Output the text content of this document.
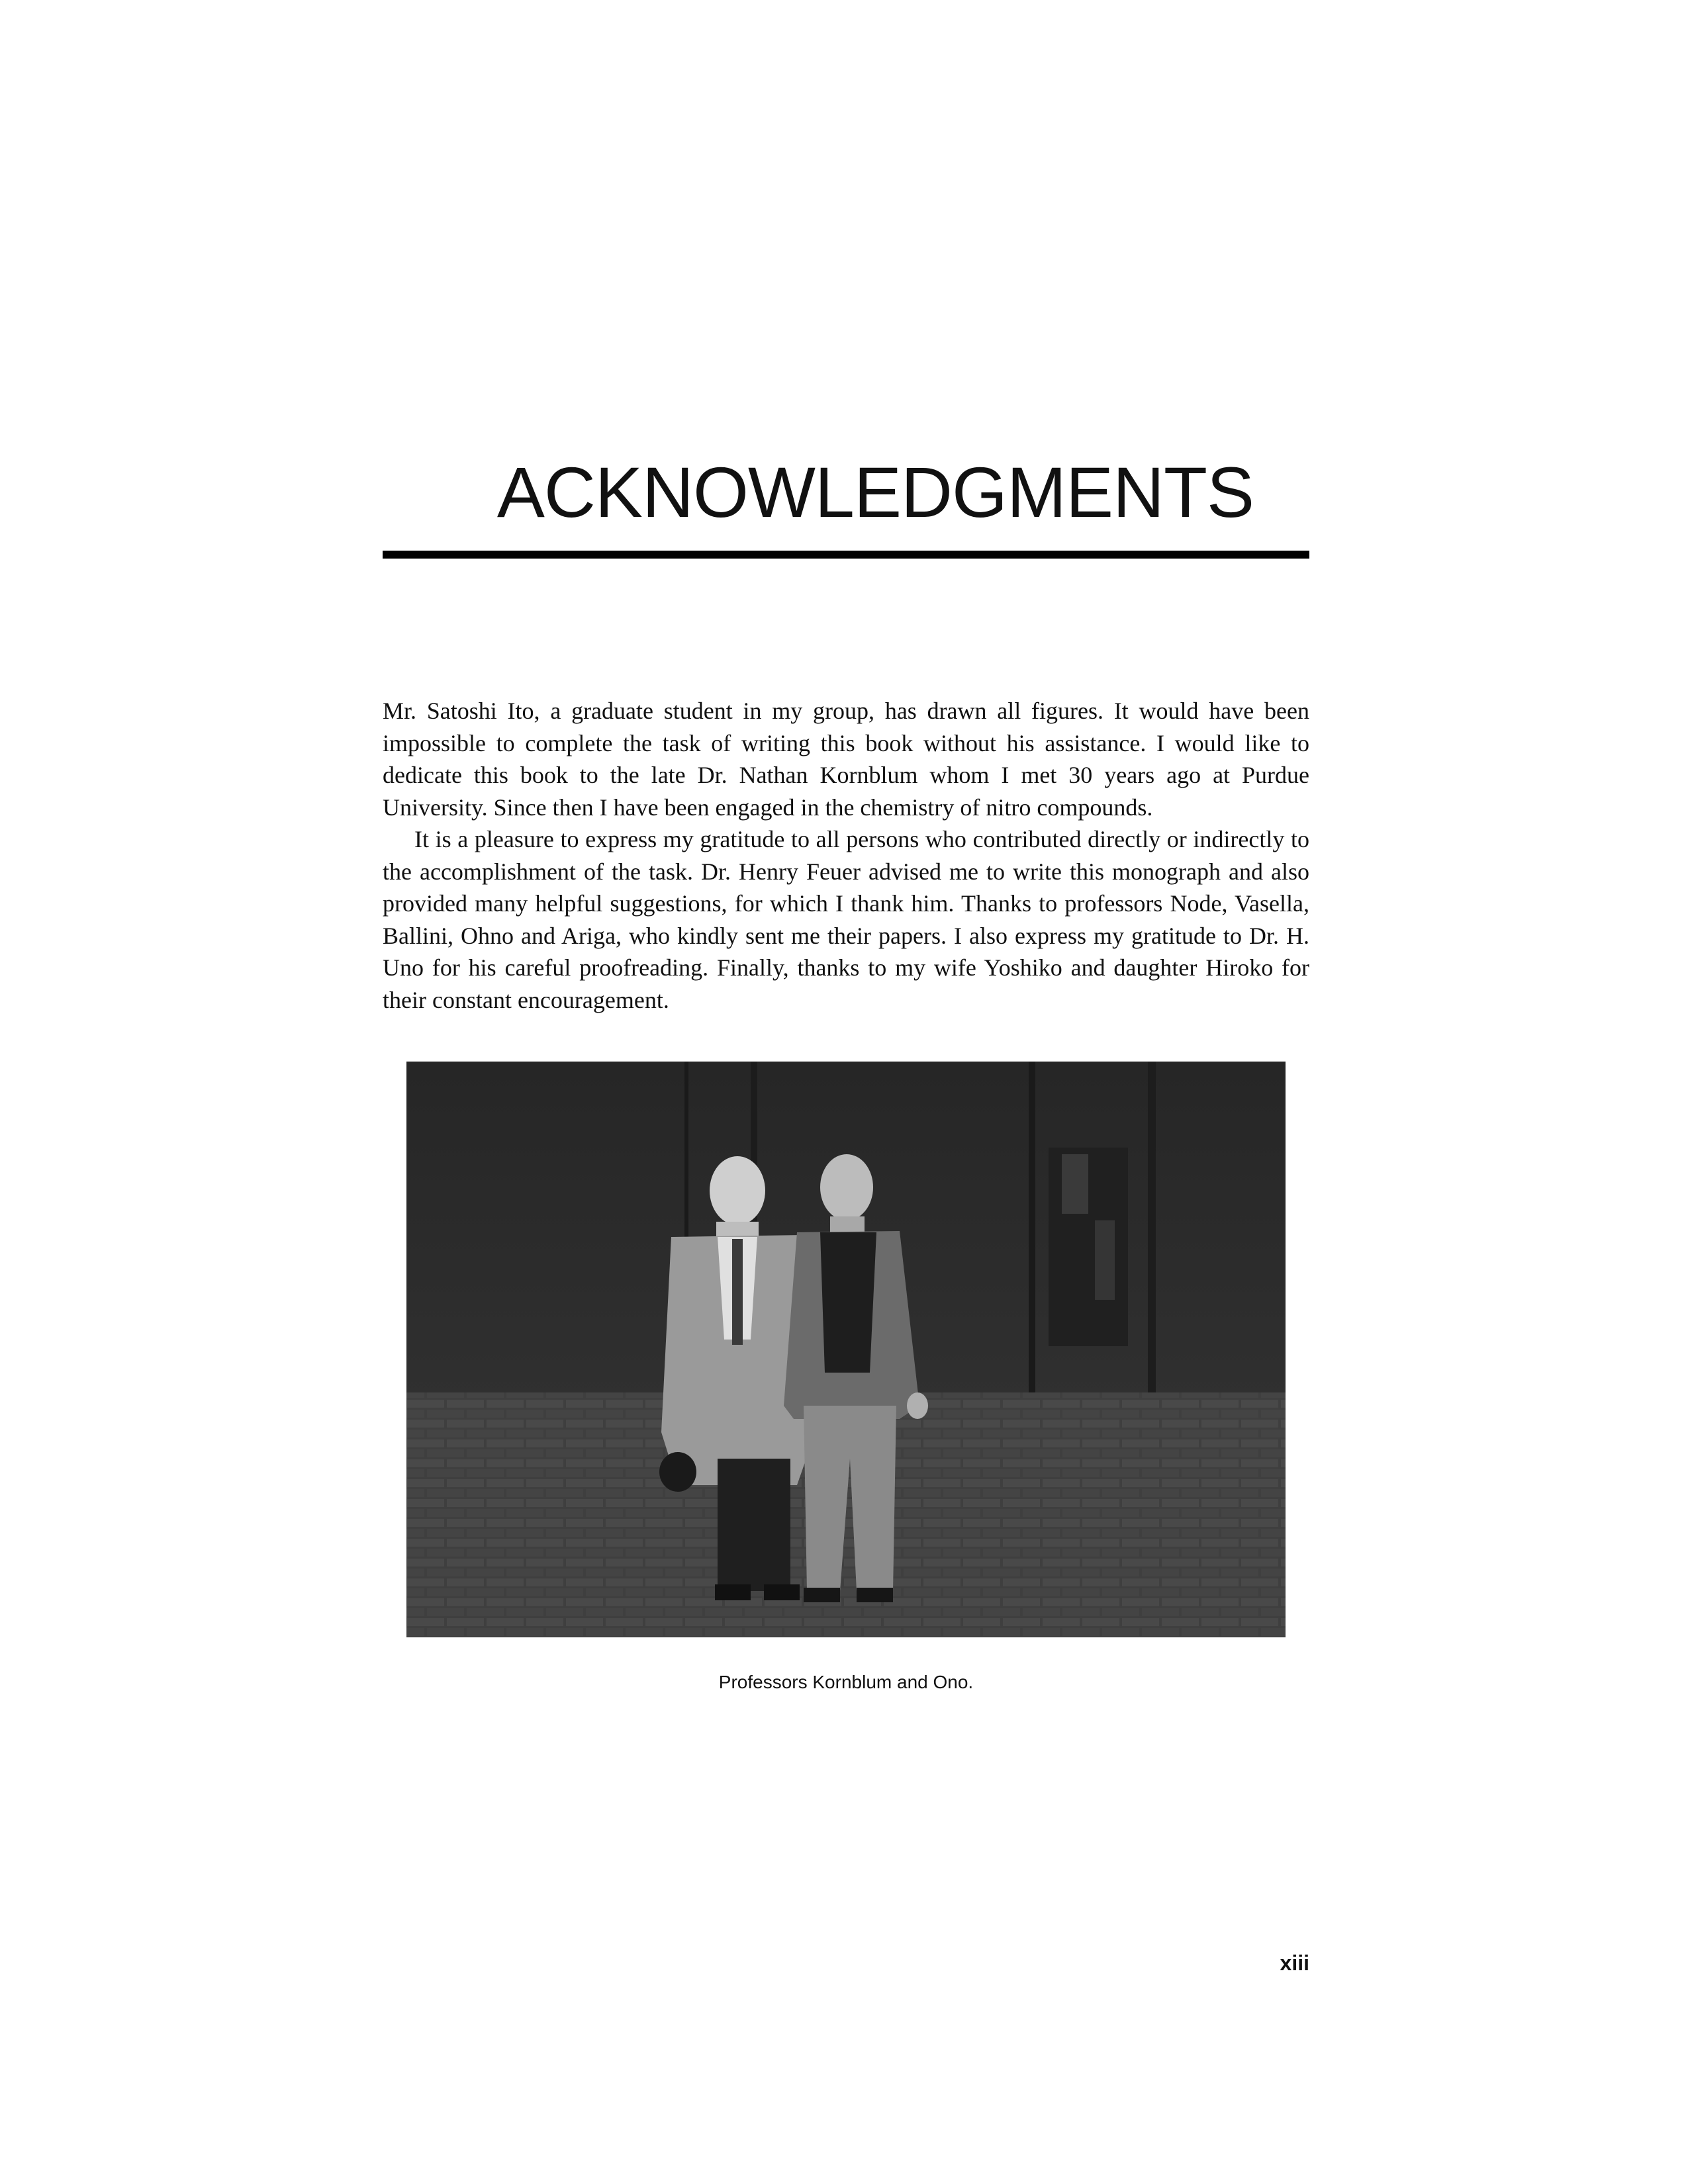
ACKNOWLEDGMENTS

Mr. Satoshi Ito, a graduate student in my group, has drawn all figures. It would have been impossible to complete the task of writing this book without his assistance. I would like to dedicate this book to the late Dr. Nathan Kornblum whom I met 30 years ago at Purdue University. Since then I have been engaged in the chemistry of nitro compounds.

It is a pleasure to express my gratitude to all persons who contributed directly or indirectly to the accomplishment of the task. Dr. Henry Feuer advised me to write this monograph and also provided many helpful suggestions, for which I thank him. Thanks to professors Node, Vasella, Ballini, Ohno and Ariga, who kindly sent me their papers. I also express my gratitude to Dr. H. Uno for his careful proofreading. Finally, thanks to my wife Yoshiko and daughter Hiroko for their constant encouragement.

Professors Kornblum and Ono.
xiii
